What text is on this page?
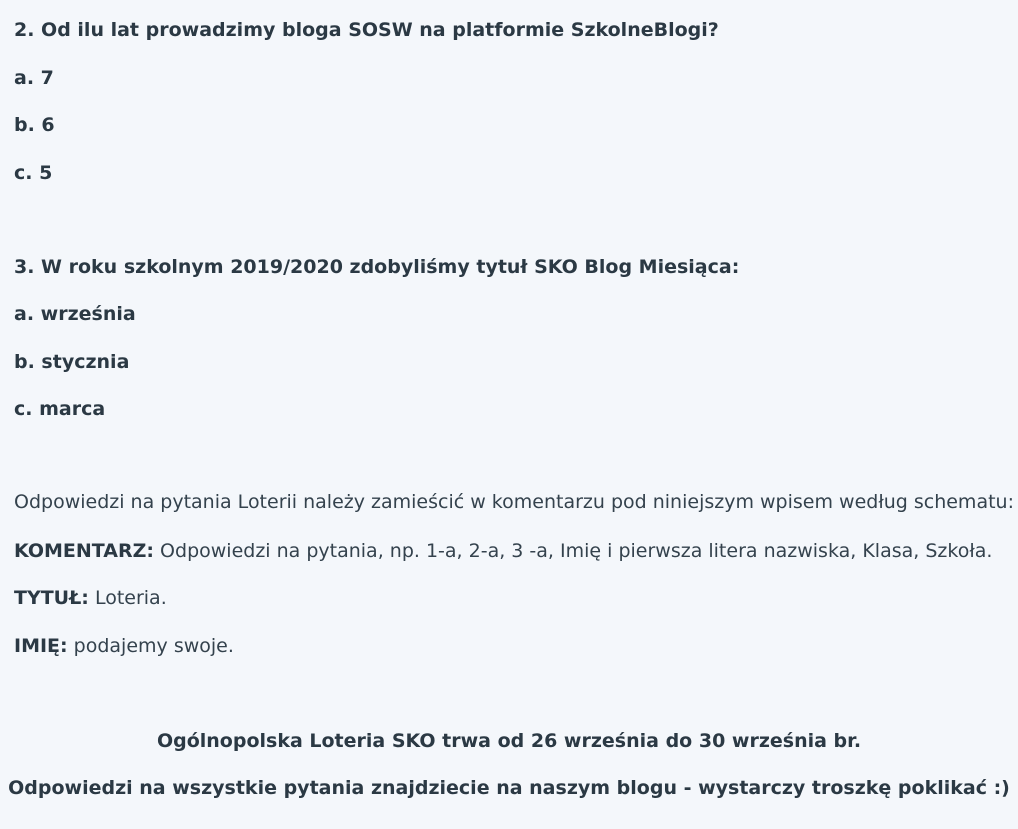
2. Od ilu lat prowadzimy bloga SOSW na platformie SzkolneBlogi?
a. 7
b. 6
c. 5
3. W roku szkolnym 2019/2020 zdobyliśmy tytuł SKO Blog Miesiąca:
a. września
b. stycznia
c. marca
Odpowiedzi na pytania Loterii należy zamieścić w komentarzu pod niniejszym wpisem według schematu:
KOMENTARZ: Odpowiedzi na pytania, np. 1-a, 2-a, 3 -a, Imię i pierwsza litera nazwiska, Klasa, Szkoła.
TYTUŁ: Loteria.
IMIĘ: podajemy swoje.
Ogólnopolska Loteria SKO trwa od 26 września do 30 września br.
Odpowiedzi na wszystkie pytania znajdziecie na naszym blogu - wystarczy troszkę poklikać :)
